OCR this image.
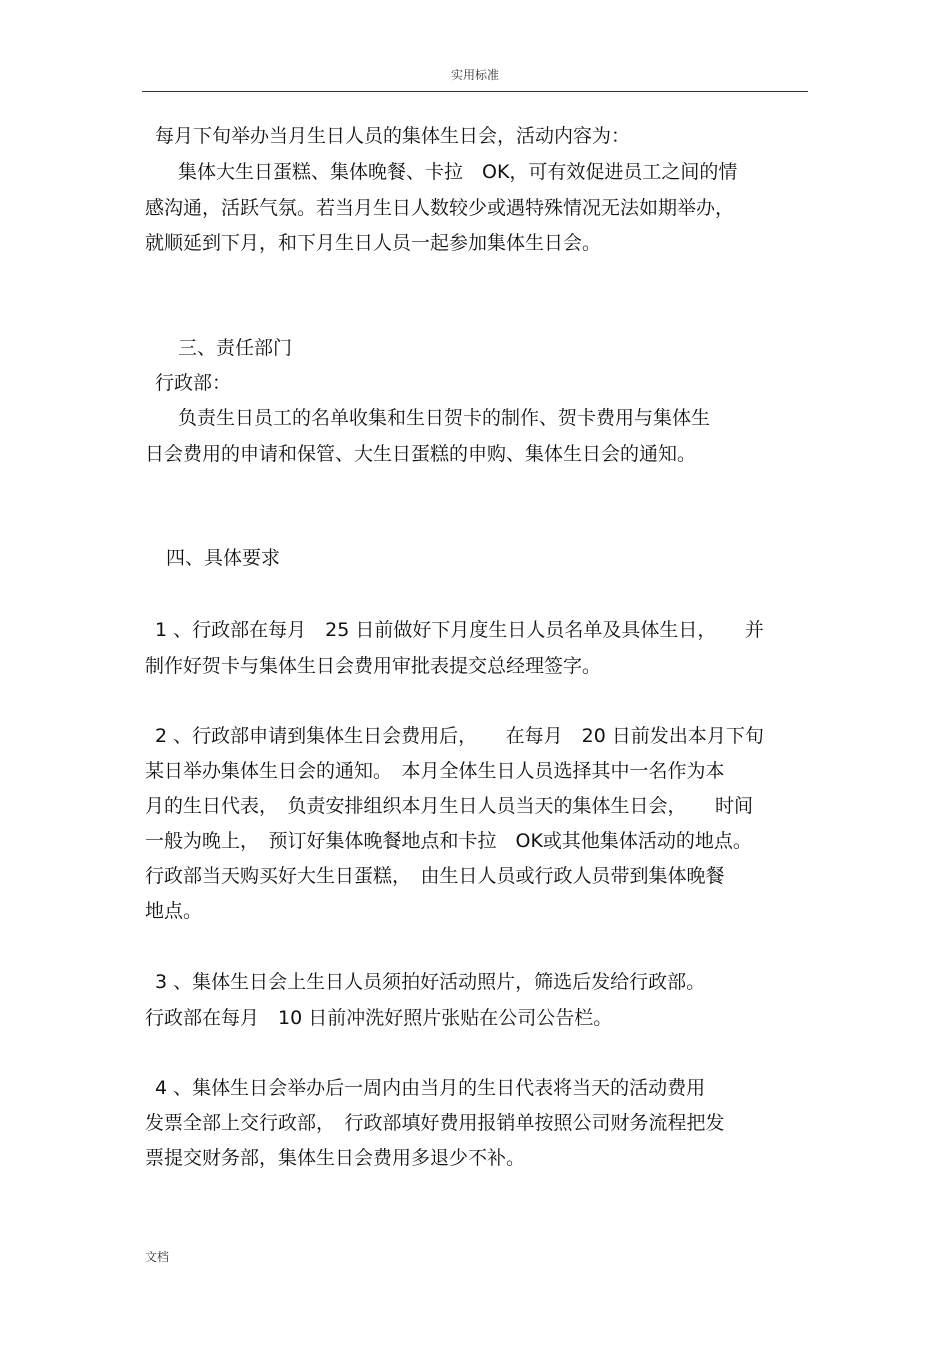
实用标准
每月下旬举办当月生日人员的集体生日会，活动内容为：
集体大生日蛋糕、集体晚餐、卡拉　OK，可有效促进员工之间的情
感沟通，活跃气氛。若当月生日人数较少或遇特殊情况无法如期举办，
就顺延到下月，和下月生日人员一起参加集体生日会。
三、责任部门
行政部：
负责生日员工的名单收集和生日贺卡的制作、贺卡费用与集体生
日会费用的申请和保管、大生日蛋糕的申购、集体生日会的通知。
四、具体要求
1 、行政部在每月　25 日前做好下月度生日人员名单及具体生日，　　并
制作好贺卡与集体生日会费用审批表提交总经理签字。
2 、行政部申请到集体生日会费用后，　　在每月　20 日前发出本月下旬
某日举办集体生日会的通知。　本月全体生日人员选择其中一名作为本
月的生日代表，　负责安排组织本月生日人员当天的集体生日会，　　时间
一般为晚上，　预订好集体晚餐地点和卡拉　OK或其他集体活动的地点。
行政部当天购买好大生日蛋糕，　由生日人员或行政人员带到集体晚餐
地点。
3 、集体生日会上生日人员须拍好活动照片，筛选后发给行政部。
行政部在每月　10 日前冲洗好照片张贴在公司公告栏。
4 、集体生日会举办后一周内由当月的生日代表将当天的活动费用
发票全部上交行政部，　行政部填好费用报销单按照公司财务流程把发
票提交财务部，集体生日会费用多退少不补。
文档
